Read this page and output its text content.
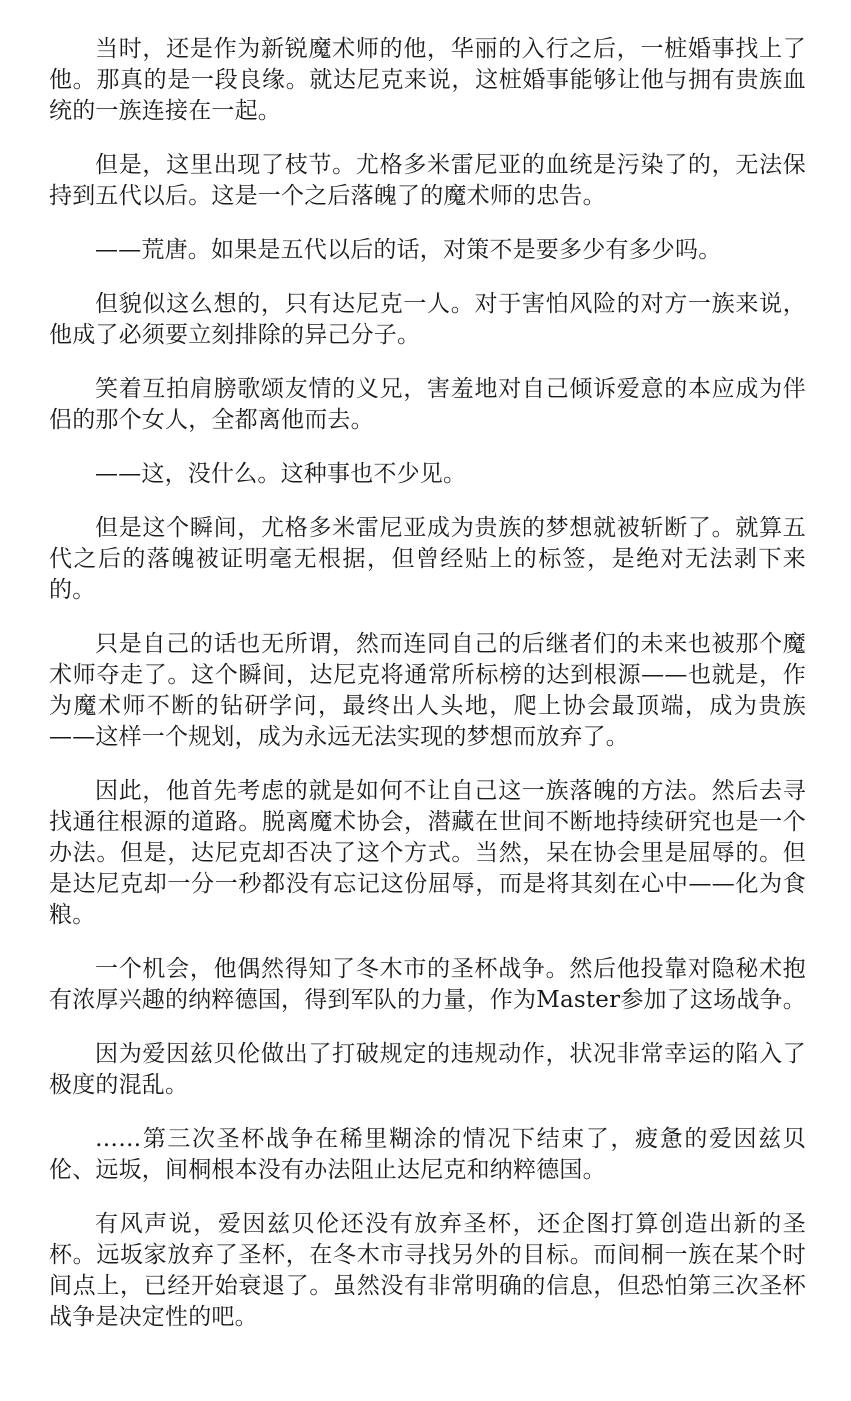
当时，还是作为新锐魔术师的他，华丽的入行之后，一桩婚事找上了他。那真的是一段良缘。就达尼克来说，这桩婚事能够让他与拥有贵族血统的一族连接在一起。

但是，这里出现了枝节。尤格多米雷尼亚的血统是污染了的，无法保持到五代以后。这是一个之后落魄了的魔术师的忠告。

——荒唐。如果是五代以后的话，对策不是要多少有多少吗。

但貌似这么想的，只有达尼克一人。对于害怕风险的对方一族来说，他成了必须要立刻排除的异己分子。

笑着互拍肩膀歌颂友情的义兄，害羞地对自己倾诉爱意的本应成为伴侣的那个女人，全都离他而去。

——这，没什么。这种事也不少见。

但是这个瞬间，尤格多米雷尼亚成为贵族的梦想就被斩断了。就算五代之后的落魄被证明毫无根据，但曾经贴上的标签，是绝对无法剥下来的。

只是自己的话也无所谓，然而连同自己的后继者们的未来也被那个魔术师夺走了。这个瞬间，达尼克将通常所标榜的达到根源——也就是，作为魔术师不断的钻研学问，最终出人头地，爬上协会最顶端，成为贵族——这样一个规划，成为永远无法实现的梦想而放弃了。

因此，他首先考虑的就是如何不让自己这一族落魄的方法。然后去寻找通往根源的道路。脱离魔术协会，潜藏在世间不断地持续研究也是一个办法。但是，达尼克却否决了这个方式。当然，呆在协会里是屈辱的。但是达尼克却一分一秒都没有忘记这份屈辱，而是将其刻在心中——化为食粮。

一个机会，他偶然得知了冬木市的圣杯战争。然后他投靠对隐秘术抱有浓厚兴趣的纳粹德国，得到军队的力量，作为Master参加了这场战争。

因为爱因兹贝伦做出了打破规定的违规动作，状况非常幸运的陷入了极度的混乱。

……第三次圣杯战争在稀里糊涂的情况下结束了，疲惫的爱因兹贝伦、远坂，间桐根本没有办法阻止达尼克和纳粹德国。

有风声说，爱因兹贝伦还没有放弃圣杯，还企图打算创造出新的圣杯。远坂家放弃了圣杯，在冬木市寻找另外的目标。而间桐一族在某个时间点上，已经开始衰退了。虽然没有非常明确的信息，但恐怕第三次圣杯战争是决定性的吧。
